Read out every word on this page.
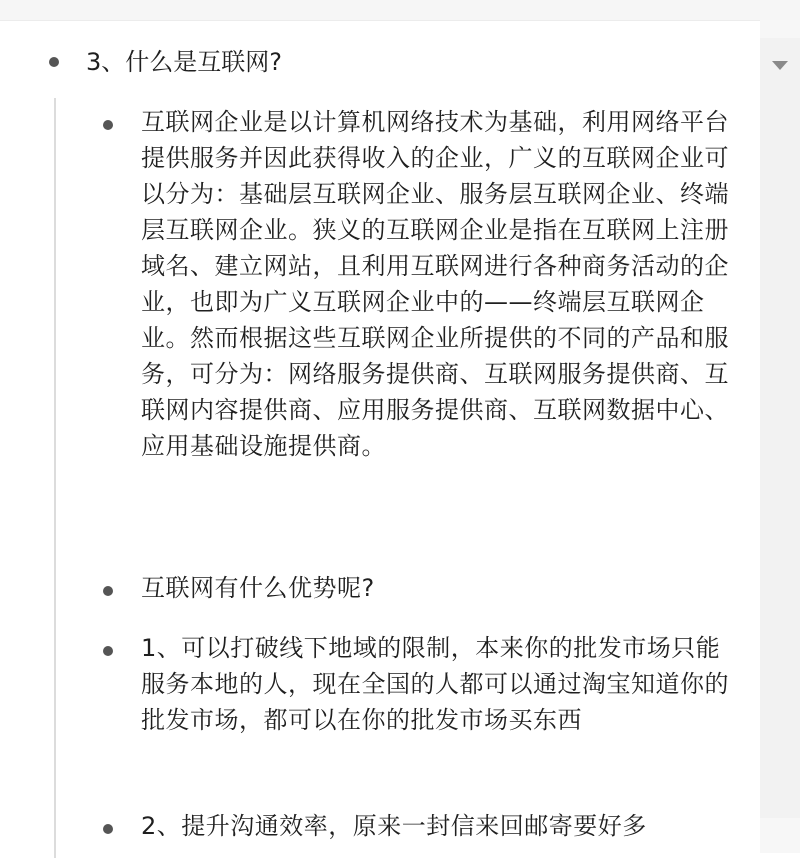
3、什么是互联网?
互联网企业是以计算机网络技术为基础，利用网络平台提供服务并因此获得收入的企业，广义的互联网企业可以分为：基础层互联网企业、服务层互联网企业、终端层互联网企业。狭义的互联网企业是指在互联网上注册域名、建立网站，且利用互联网进行各种商务活动的企业，也即为广义互联网企业中的——终端层互联网企业。然而根据这些互联网企业所提供的不同的产品和服务，可分为：网络服务提供商、互联网服务提供商、互联网内容提供商、应用服务提供商、互联网数据中心、应用基础设施提供商。
互联网有什么优势呢?
1、可以打破线下地域的限制，本来你的批发市场只能服务本地的人，现在全国的人都可以通过淘宝知道你的批发市场，都可以在你的批发市场买东西
2、提升沟通效率，原来一封信来回邮寄要好多
